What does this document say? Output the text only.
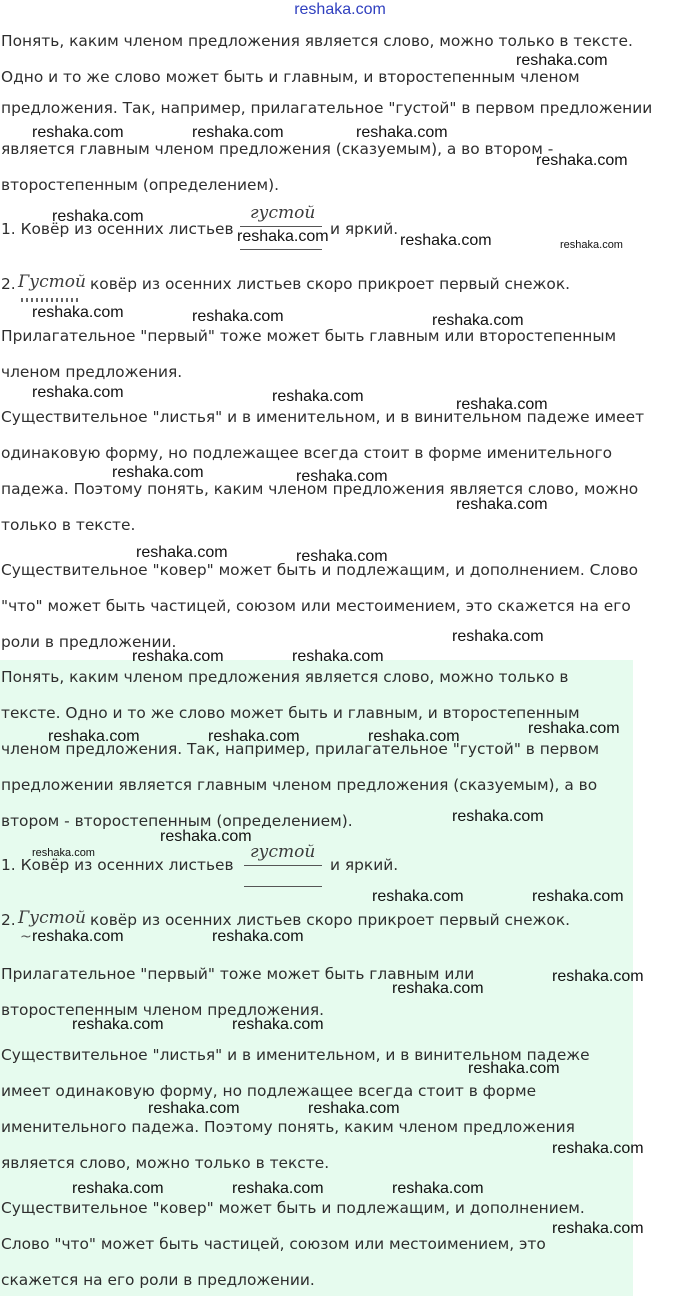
reshaka.com
Понять, каким членом предложения является слово, можно только в тексте.
Одно и то же слово может быть и главным, и второстепенным членом
предложения. Так, например, прилагательное "густой" в первом предложении
является главным членом предложения (сказуемым), а во втором -
второстепенным (определением).
1. Ковёр из осенних листьев
густой
и яркий.
2. Густой ковёр из осенних листьев скоро прикроет первый снежок.
Прилагательное "первый" тоже может быть главным или второстепенным
членом предложения.
Существительное "листья" и в именительном, и в винительном падеже имеет
одинаковую форму, но подлежащее всегда стоит в форме именительного
падежа. Поэтому понять, каким членом предложения является слово, можно
только в тексте.
Существительное "ковер" может быть и подлежащим, и дополнением. Слово
"что" может быть частицей, союзом или местоимением, это скажется на его
роли в предложении.
Понять, каким членом предложения является слово, можно только в
тексте. Одно и то же слово может быть и главным, и второстепенным
членом предложения. Так, например, прилагательное "густой" в первом
предложении является главным членом предложения (сказуемым), а во
втором - второстепенным (определением).
1. Ковёр из осенних листьев
густой
и яркий.
2. Густой
~
ковёр из осенних листьев скоро прикроет первый снежок.
Прилагательное "первый" тоже может быть главным или
второстепенным членом предложения.
Существительное "листья" и в именительном, и в винительном падеже
имеет одинаковую форму, но подлежащее всегда стоит в форме
именительного падежа. Поэтому понять, каким членом предложения
является слово, можно только в тексте.
Существительное "ковер" может быть и подлежащим, и дополнением.
Слово "что" может быть частицей, союзом или местоимением, это
скажется на его роли в предложении.
reshaka.com
reshaka.com	reshaka.com	reshaka.com
reshaka.com
reshaka.com
reshaka.com	reshaka.com	reshaka.com
reshaka.com	reshaka.com	reshaka.com
reshaka.com	reshaka.com	reshaka.com
reshaka.com	reshaka.com
reshaka.com
reshaka.com	reshaka.com
reshaka.com
reshaka.com	reshaka.com
reshaka.com
reshaka.com	reshaka.com	reshaka.com
reshaka.com
reshaka.com
reshaka.com
reshaka.com	reshaka.com
reshaka.com	reshaka.com
reshaka.com
reshaka.com
reshaka.com	reshaka.com
reshaka.com
reshaka.com	reshaka.com
reshaka.com
reshaka.com	reshaka.com	reshaka.com
reshaka.com
